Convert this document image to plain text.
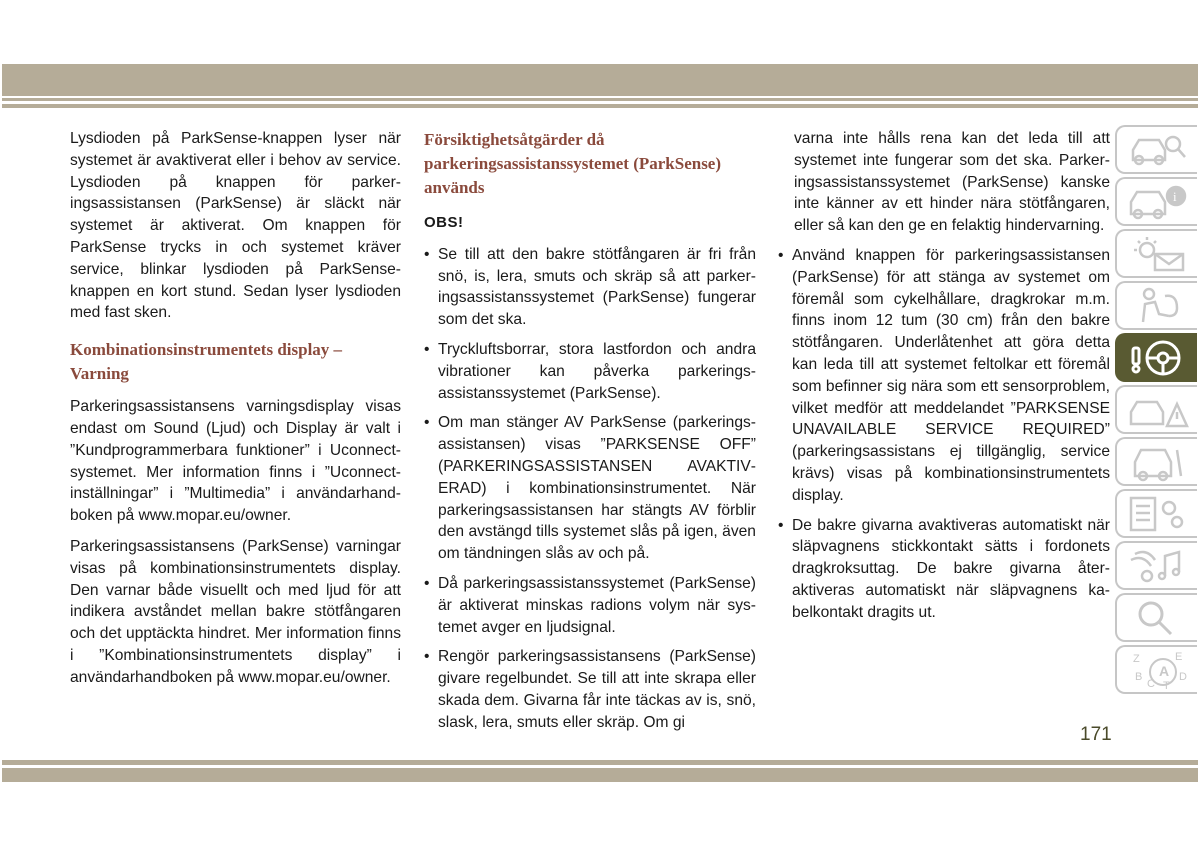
Lysdioden på ParkSense-knappen lyser när systemet är avaktiverat eller i behov av service. Lysdioden på knappen för parkeringsassistansen (ParkSense) är släckt när systemet är aktiverat. Om knappen för ParkSense trycks in och systemet kräver service, blinkar lysdioden på ParkSense-knappen en kort stund. Sedan lyser lysdioden med fast sken.

Kombinationsinstrumentets display – Varning

Parkeringsassistansens varningsdisplay visas endast om Sound (Ljud) och Display är valt i ”Kundprogrammerbara funktioner” i Uconnect-systemet. Mer information finns i ”Uconnect-inställningar” i ”Multimedia” i användarhandboken på www.mopar.eu/owner.

Parkeringsassistansens (ParkSense) varningar visas på kombinationsinstrumentets display. Den varnar både visuellt och med ljud för att indikera avståndet mellan bakre stötfångaren och det upptäckta hindret. Mer information finns i ”Kombinationsinstrumentets display” i användarhandboken på www.mopar.eu/owner.

Försiktighetsåtgärder då parkeringsassistanssystemet (ParkSense) används
OBS!
• Se till att den bakre stötfångaren är fri från snö, is, lera, smuts och skräp så att parkeringsassistanssystemet (ParkSense) fungerar som det ska.
• Tryckluftsborrar, stora lastfordon och andra vibrationer kan påverka parkeringsassistanssystemet (ParkSense).
• Om man stänger AV ParkSense (parkeringsassistansen) visas ”PARKSENSE OFF” (PARKERINGSASSISTANSEN AVAKTIVERAD) i kombinationsinstrumentet. När parkeringsassistansen har stängts AV förblir den avstängd tills systemet slås på igen, även om tändningen slås av och på.
• Då parkeringsassistanssystemet (ParkSense) är aktiverat minskas radions volym när systemet avger en ljudsignal.
• Rengör parkeringsassistansens (ParkSense) givare regelbundet. Se till att inte skrapa eller skada dem. Givarna får inte täckas av is, snö, slask, lera, smuts eller skräp. Om gi

varna inte hålls rena kan det leda till att systemet inte fungerar som det ska. Parkeringsassistanssystemet (ParkSense) kanske inte känner av ett hinder nära stötfångaren, eller så kan den ge en felaktig hindervarning.

• Använd knappen för parkeringsassistansen (ParkSense) för att stänga av systemet om föremål som cykelhållare, dragkrokar m.m. finns inom 12 tum (30 cm) från den bakre stötfångaren. Underlåtenhet att göra detta kan leda till att systemet feltolkar ett föremål som befinner sig nära som ett sensorproblem, vilket medför att meddelandet ”PARKSENSE UNAVAILABLE SERVICE REQUIRED” (parkeringsassistans ej tillgänglig, service krävs) visas på kombinationsinstrumentets display.
• De bakre givarna avaktiveras automatiskt när släpvagnens stickkontakt sätts i fordonets dragkroksuttag. De bakre givarna återaktiveras automatiskt när släpvagnens kabelkontakt dragits ut.
i
Z	E
B
C T
A D
171
